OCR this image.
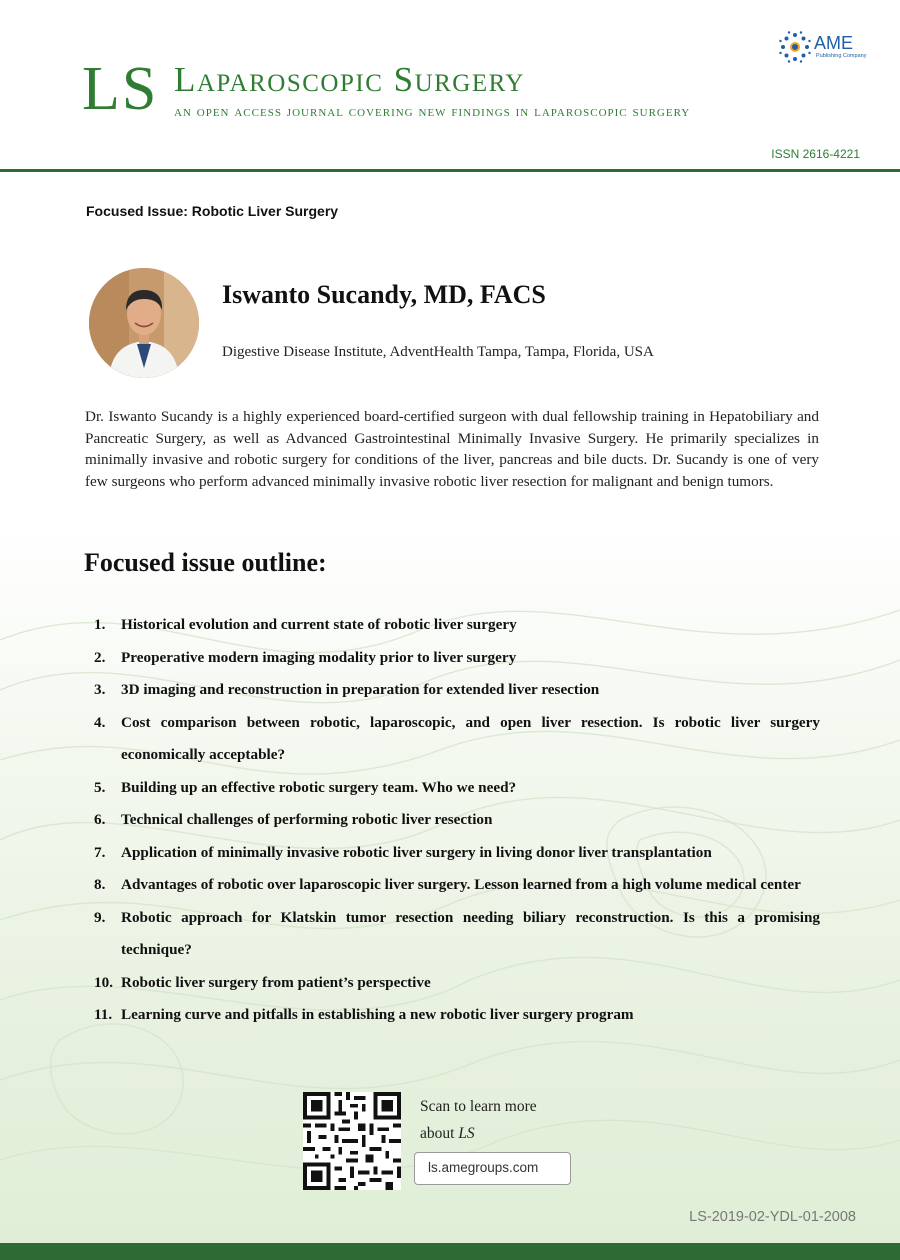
LS Laparoscopic Surgery
an open access journal covering new findings in laparoscopic surgery
AME
Publishing Company
ISSN 2616-4221
Focused Issue: Robotic Liver Surgery
Iswanto Sucandy, MD, FACS
Digestive Disease Institute, AdventHealth Tampa, Tampa, Florida, USA

Dr. Iswanto Sucandy is a highly experienced board-certified surgeon with dual fellowship training in Hepatobiliary and Pancreatic Surgery, as well as Advanced Gastrointestinal Minimally Invasive Surgery. He primarily specializes in minimally invasive and robotic surgery for conditions of the liver, pancreas and bile ducts. Dr. Sucandy is one of very few surgeons who perform advanced minimally invasive robotic liver resection for malignant and benign tumors.

Focused issue outline:
1.	Historical evolution and current state of robotic liver surgery
2.	Preoperative modern imaging modality prior to liver surgery
3.	3D imaging and reconstruction in preparation for extended liver resection
4.	Cost comparison between robotic, laparoscopic, and open liver resection. Is robotic liver surgery economically acceptable?
5.	Building up an effective robotic surgery team. Who we need?
6.	Technical challenges of performing robotic liver resection
7.	Application of minimally invasive robotic liver surgery in living donor liver transplantation
8.	Advantages of robotic over laparoscopic liver surgery. Lesson learned from a high volume medical center
9.	Robotic approach for Klatskin tumor resection needing biliary reconstruction. Is this a promising technique?
10. Robotic liver surgery from patient’s perspective
11. Learning curve and pitfalls in establishing a new robotic liver surgery program
Scan to learn more
about LS
ls.amegroups.com
LS-2019-02-YDL-01-2008
